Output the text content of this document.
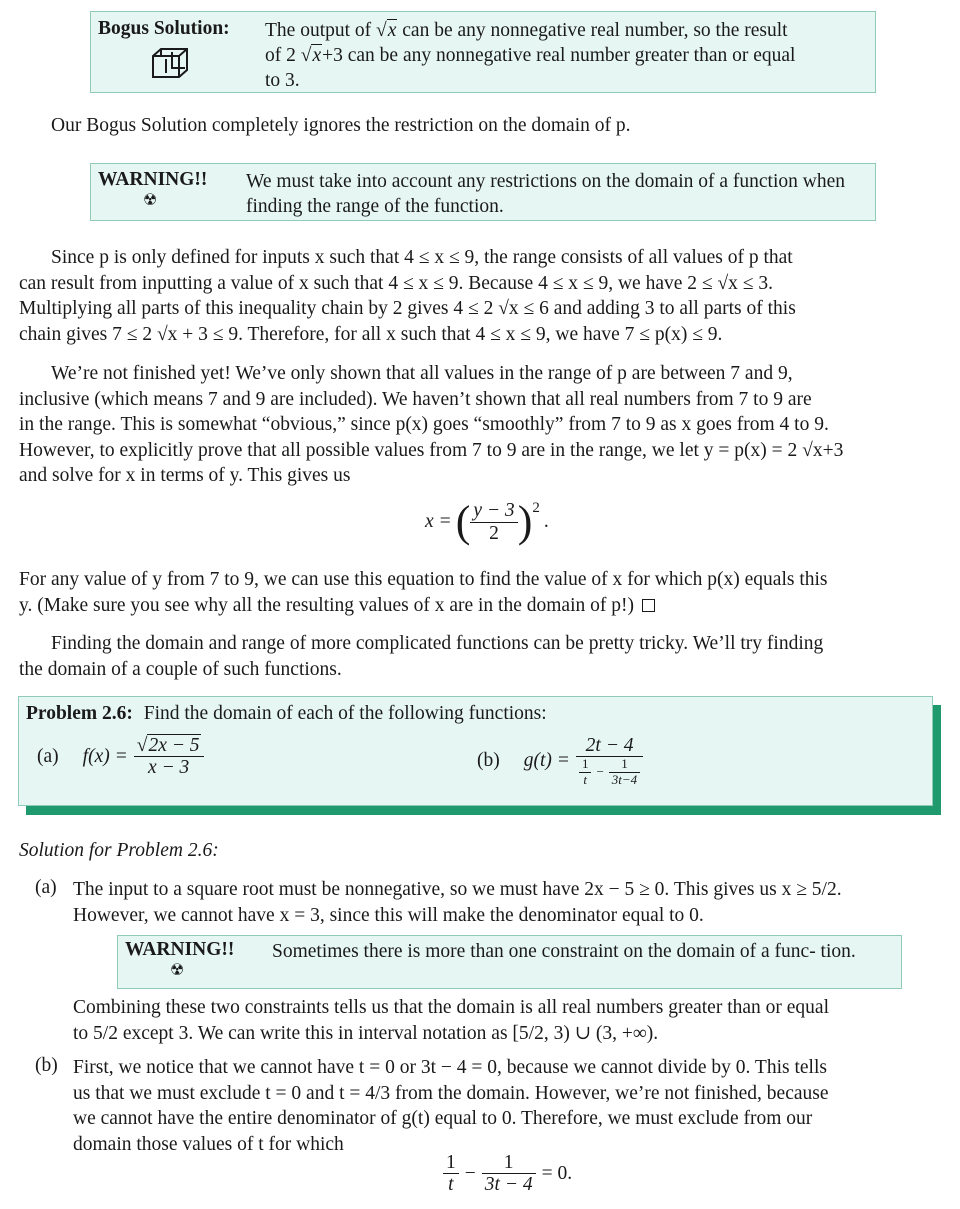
Bogus Solution: The output of √x can be any nonnegative real number, so the result
of 2 √x+3 can be any nonnegative real number greater than or equal
to 3.
Our Bogus Solution completely ignores the restriction on the domain of p.
WARNING!!
☢
We must take into account any restrictions on the domain of a function when finding the range of the function.
Since p is only defined for inputs x such that 4 ≤ x ≤ 9, the range consists of all values of p that
can result from inputting a value of x such that 4 ≤ x ≤ 9. Because 4 ≤ x ≤ 9, we have 2 ≤ √x ≤ 3.
Multiplying all parts of this inequality chain by 2 gives 4 ≤ 2 √x ≤ 6 and adding 3 to all parts of this
chain gives 7 ≤ 2 √x + 3 ≤ 9. Therefore, for all x such that 4 ≤ x ≤ 9, we have 7 ≤ p(x) ≤ 9.
We’re not finished yet! We’ve only shown that all values in the range of p are between 7 and 9,
inclusive (which means 7 and 9 are included). We haven’t shown that all real numbers from 7 to 9 are
in the range. This is somewhat “obvious,” since p(x) goes “smoothly” from 7 to 9 as x goes from 4 to 9.
However, to explicitly prove that all possible values from 7 to 9 are in the range, we let y = p(x) = 2 √x+3
and solve for x in terms of y. This gives us
x = ( $\frac{y - 3}{2} )^2$
.
For any value of y from 7 to 9, we can use this equation to find the value of x for which p(x) equals this
y. (Make sure you see why all the resulting values of x are in the domain of p!)
Finding the domain and range of more complicated functions can be pretty tricky. We’ll try finding
the domain of a couple of such functions.
Problem 2.6: Find the domain of each of the following functions:
(a) $f(x) = \frac{√2x - 5}{x - 3}$	(b) $g(t) = \frac{2t - 4}{\frac{1}{t} - \frac{1}{3t-4}}$
Solution for Problem 2.6:
(a) The input to a square root must be nonnegative, so we must have 2x − 5 ≥ 0. This gives us x ≥ 5/2.
However, we cannot have x = 3, since this will make the denominator equal to 0.
WARNING!!
☢
Sometimes there is more than one constraint on the domain of a func- tion.
Combining these two constraints tells us that the domain is all real numbers greater than or equal
to 5/2 except 3. We can write this in interval notation as [5/2, 3) ∪ (3, +∞).
(b) First, we notice that we cannot have t = 0 or 3t − 4 = 0, because we cannot divide by 0. This tells
us that we must exclude t = 0 and t = 4/3 from the domain. However, we’re not finished, because
we cannot have the entire denominator of g(t) equal to 0. Therefore, we must exclude from our
domain those values of t for which
$\frac{1}{t} - \frac{1}{3t - 4} = 0$.
